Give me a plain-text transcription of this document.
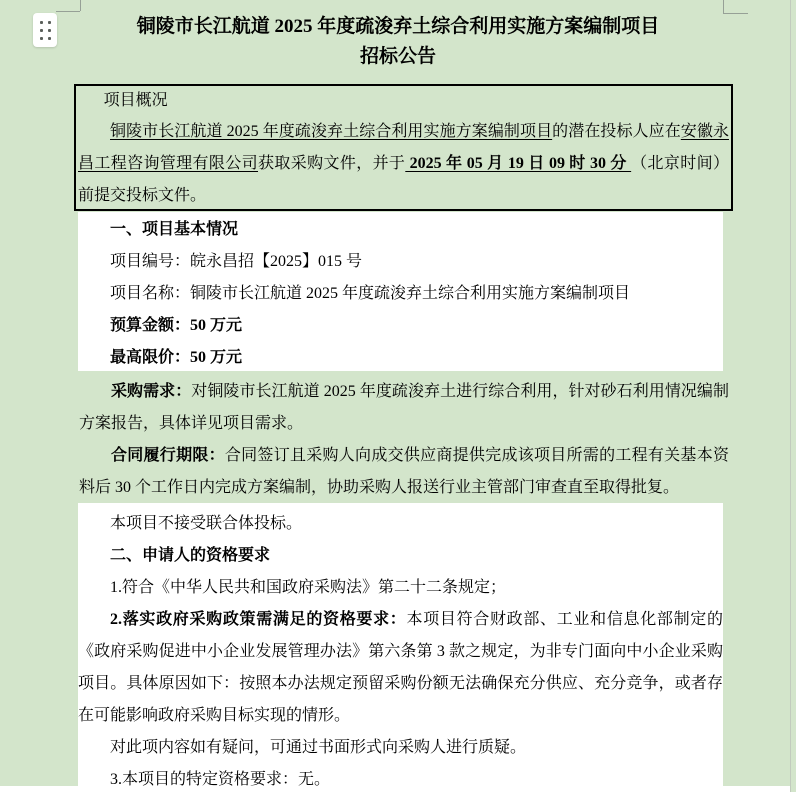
铜陵市长江航道 2025 年度疏浚弃土综合利用实施方案编制项目
招标公告

项目概况

铜陵市长江航道 2025 年度疏浚弃土综合利用实施方案编制项目的潜在投标人应在安徽永昌工程咨询管理有限公司获取采购文件，并于 2025 年 05 月 19 日 09 时 30 分 （北京时间）前提交投标文件。

一、项目基本情况

项目编号：皖永昌招【2025】015 号

项目名称：铜陵市长江航道 2025 年度疏浚弃土综合利用实施方案编制项目

预算金额：50 万元

最高限价：50 万元

采购需求：对铜陵市长江航道 2025 年度疏浚弃土进行综合利用，针对砂石利用情况编制方案报告，具体详见项目需求。

合同履行期限：合同签订且采购人向成交供应商提供完成该项目所需的工程有关基本资料后 30 个工作日内完成方案编制，协助采购人报送行业主管部门审查直至取得批复。

本项目不接受联合体投标。

二、申请人的资格要求

1.符合《中华人民共和国政府采购法》第二十二条规定；

2.落实政府采购政策需满足的资格要求：本项目符合财政部、工业和信息化部制定的《政府采购促进中小企业发展管理办法》第六条第 3 款之规定，为非专门面向中小企业采购项目。具体原因如下：按照本办法规定预留采购份额无法确保充分供应、充分竞争，或者存在可能影响政府采购目标实现的情形。

对此项内容如有疑问，可通过书面形式向采购人进行质疑。

3.本项目的特定资格要求：无。
